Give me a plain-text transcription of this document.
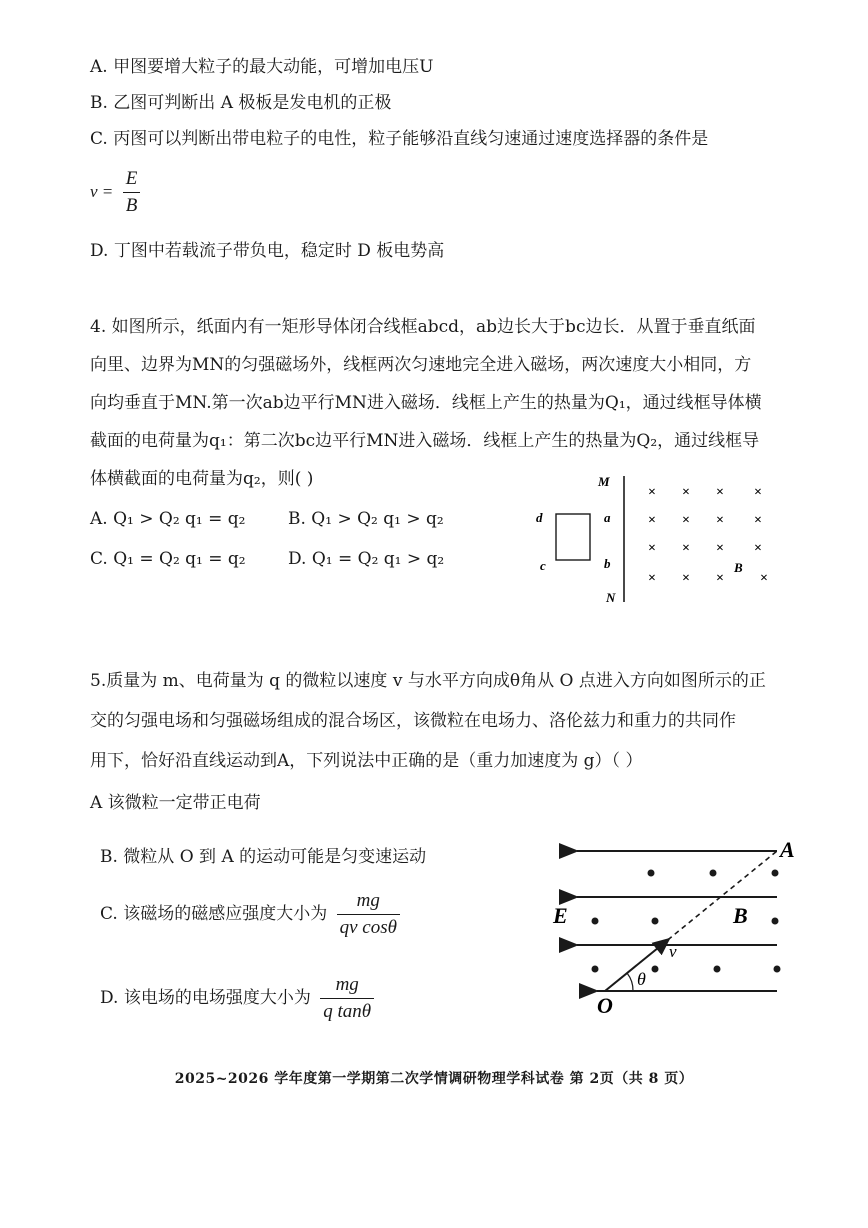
A. 甲图要增大粒子的最大动能，可增加电压U
B. 乙图可判断出 A 极板是发电机的正极
C. 丙图可以判断出带电粒子的电性，粒子能够沿直线匀速通过速度选择器的条件是
$v = \frac{E}{B}$
D. 丁图中若载流子带负电，稳定时 D 板电势高
4. 如图所示，纸面内有一矩形导体闭合线框abcd，ab边长大于bc边长．从置于垂直纸面
向里、边界为MN的匀强磁场外，线框两次匀速地完全进入磁场，两次速度大小相同，方
向均垂直于MN.第一次ab边平行MN进入磁场．线框上产生的热量为Q₁，通过线框导体横
截面的电荷量为q₁：第二次bc边平行MN进入磁场．线框上产生的热量为Q₂，通过线框导
体横截面的电荷量为q₂，则( )
A. Q₁ > Q₂ q₁ = q₂	B. Q₁ > Q₂ q₁ > q₂
C. Q₁ = Q₂ q₁ = q₂ D. Q₁ = Q₂ q₁ > q₂
M
N
d	a
c	b
× × × ×
× × × ×
× × × ×
× × ×	×
B
5.质量为 m、电荷量为 q 的微粒以速度 v 与水平方向成θ角从 O 点进入方向如图所示的正
交的匀强电场和匀强磁场组成的混合场区，该微粒在电场力、洛伦兹力和重力的共同作
用下，恰好沿直线运动到A，下列说法中正确的是（重力加速度为 g）（ ）
A 该微粒一定带正电荷
B. 微粒从 O 到 A 的运动可能是匀变速运动
C. 该磁场的磁感应强度大小为 $\frac{mg}{\text{qv cosθ}}$
D. 该电场的电场强度大小为 $\frac{mg}{\text{q tanθ}}$
A
E	B
v
θ
O
2025~2026 学年度第一学期第二次学情调研物理学科试卷 第 2页（共 8 页）
